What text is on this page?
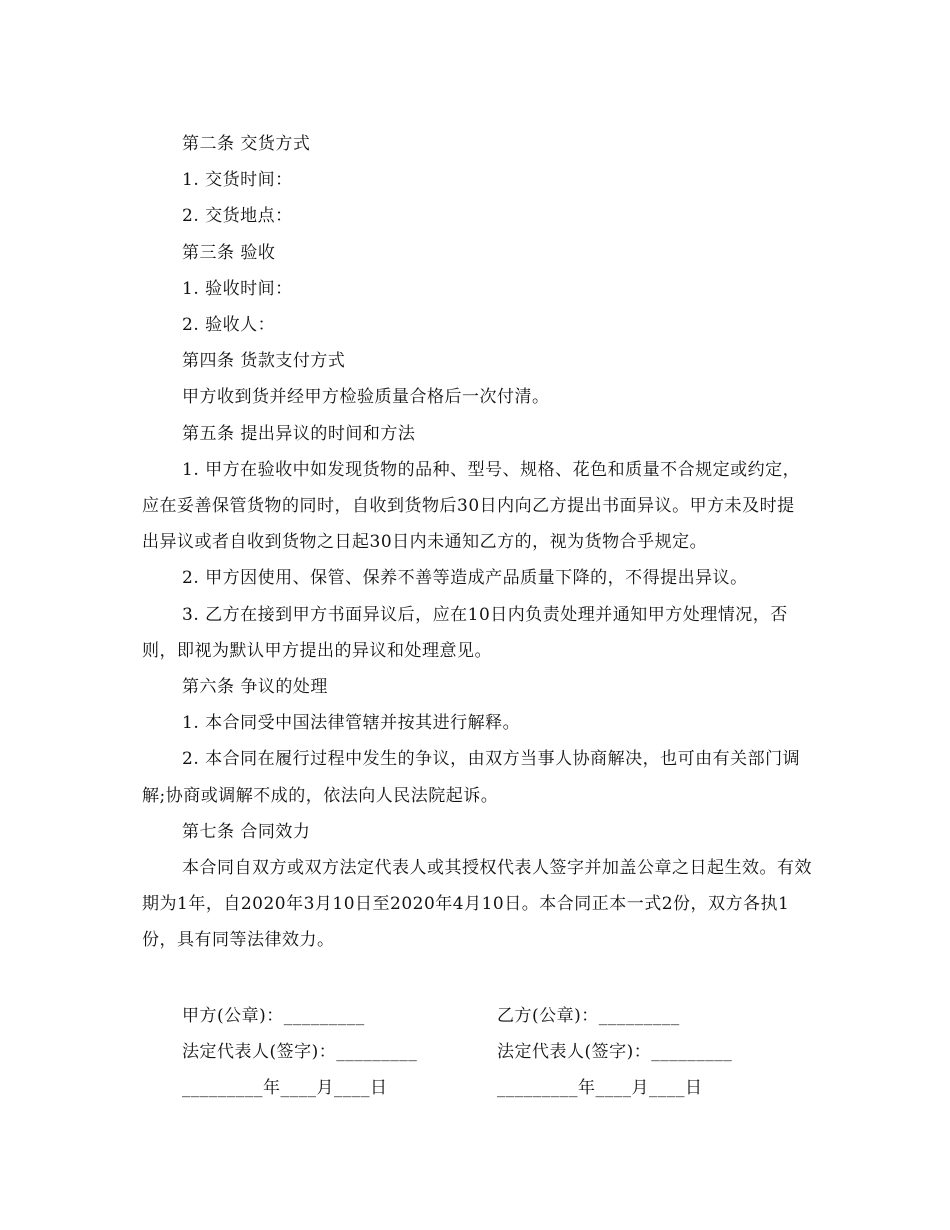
第二条 交货方式

1. 交货时间：

2. 交货地点：

第三条 验收

1. 验收时间：

2. 验收人：

第四条 货款支付方式

甲方收到货并经甲方检验质量合格后一次付清。

第五条 提出异议的时间和方法

1. 甲方在验收中如发现货物的品种、型号、规格、花色和质量不合规定或约定，应在妥善保管货物的同时，自收到货物后30日内向乙方提出书面异议。甲方未及时提出异议或者自收到货物之日起30日内未通知乙方的，视为货物合乎规定。

2. 甲方因使用、保管、保养不善等造成产品质量下降的，不得提出异议。

3. 乙方在接到甲方书面异议后，应在10日内负责处理并通知甲方处理情况，否则，即视为默认甲方提出的异议和处理意见。

第六条 争议的处理

1. 本合同受中国法律管辖并按其进行解释。

2. 本合同在履行过程中发生的争议，由双方当事人协商解决，也可由有关部门调解;协商或调解不成的，依法向人民法院起诉。

第七条 合同效力

本合同自双方或双方法定代表人或其授权代表人签字并加盖公章之日起生效。有效期为1年，自2020年3月10日至2020年4月10日。本合同正本一式2份，双方各执1份，具有同等法律效力。

甲方(公章)：_________	乙方(公章)：_________
法定代表人(签字)：_________	法定代表人(签字)：_________
_________年____月____日	_________年____月____日
